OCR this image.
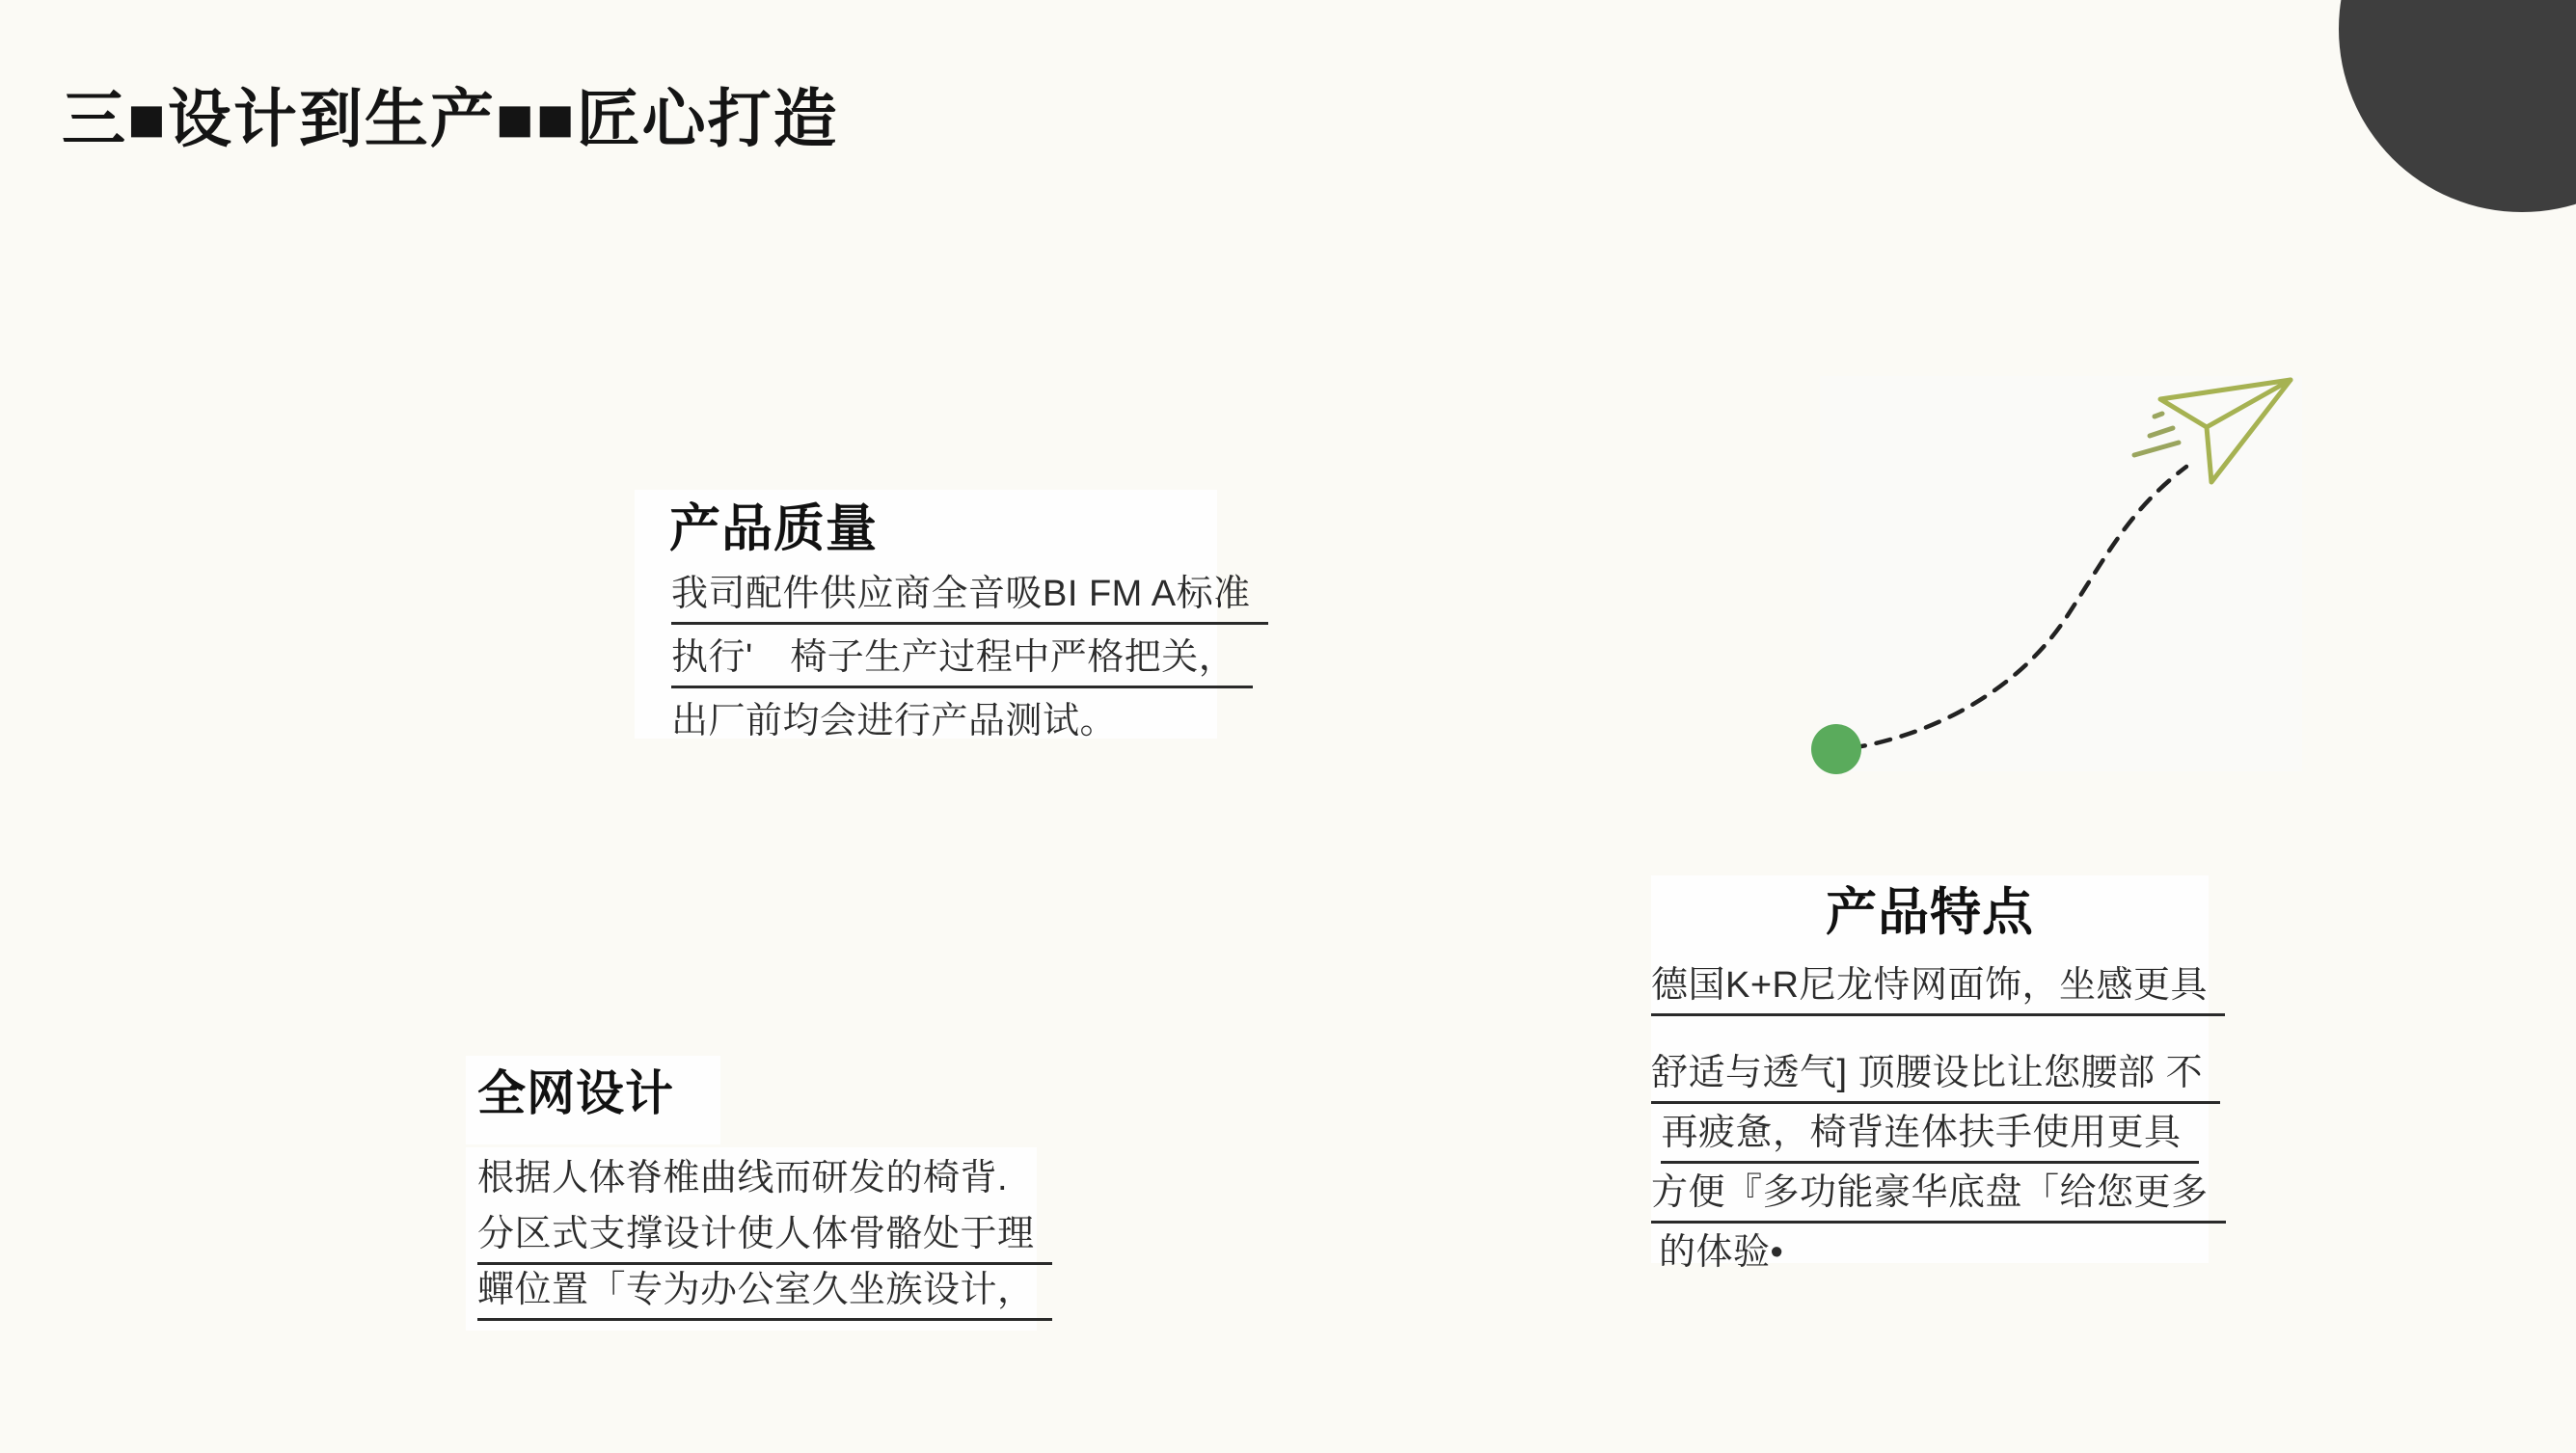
三■设计到生产■■匠心打造
产品质量
我司配件供应商全音吸BI FM A标准
执行'　椅子生产过程中严格把关，
出厂前均会进行产品测试。
产品特点
德国K+R尼龙恃网面饰，坐感更具
舒适与透气] 顶腰设比让您腰部 不
再疲惫，椅背连体扶手使用更具
方便『多功能豪华底盘「给您更多
的体验•
全网设计
根据人体脊椎曲线而研发的椅背.
分区式支撑设计使人体骨骼处于理
蟬位置「专为办公室久坐族设计，
